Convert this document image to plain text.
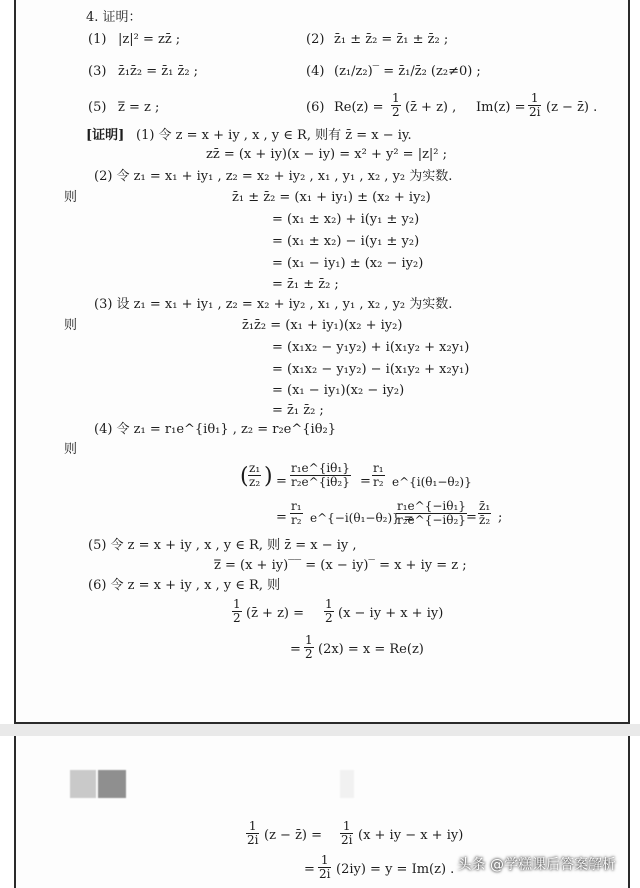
4. 证明：
(1) |z|² = zz̄ ;	(2) z̄₁ ± z̄₂ = z̄₁ ± z̄₂ ;
(3) z̄₁z̄₂ = z̄₁ z̄₂ ;	(4) (z₁/z₂)‾ = z̄₁/z̄₂ (z₂≠0) ;
(5) z̿ = z ;	(6) $Re(z) = \frac{1}{2}$ (z̄ + z) , $Im(z) = \frac{1}{2i} (z$ − z̄) .
[证明] (1) 令 z = x + iy , x , y ∈ R, 则有 z̄ = x − iy.
zz̄ = (x + iy)(x − iy) = x² + y² = |z|² ;
(2) 令 z₁ = x₁ + iy₁ , z₂ = x₂ + iy₂ , x₁ , y₁ , x₂ , y₂ 为实数.
则	z̄₁ ± z̄₂ = (x₁ + iy₁) ± (x₂ + iy₂)
= (x₁ ± x₂) + i(y₁ ± y₂)
= (x₁ ± x₂) − i(y₁ ± y₂)
= (x₁ − iy₁) ± (x₂ − iy₂)
= z̄₁ ± z̄₂ ;
(3) 设 z₁ = x₁ + iy₁ , z₂ = x₂ + iy₂ , x₁ , y₁ , x₂ , y₂ 为实数.
则	z̄₁z̄₂ = (x₁ + iy₁)(x₂ + iy₂)
= (x₁x₂ − y₁y₂) + i(x₁y₂ + x₂y₁)
= (x₁x₂ − y₁y₂) − i(x₁y₂ + x₂y₁)
= (x₁ − iy₁)(x₂ − iy₂)
= z̄₁ z̄₂ ;
(4) 令 z₁ = r₁e^{iθ₁} , z₂ = r₂e^{iθ₂}
则
( $\frac{\text{z₁}}{\text{z₂}}$ ) = $\frac{\text{r₁e\textasciicircum{}\{iθ₁\}}}{\text{r₂e\textasciicircum{}\{iθ₂\}}} = \frac{\text{r₁}}{\text{r₂}}$ e^{i(θ₁−θ₂)}
= $\frac{\text{r₁}}{\text{r₂}}$ e^{−i(θ₁−θ₂)} =
$\frac{\text{r₁e\textasciicircum{}\{−iθ₁\}}}{\text{r₂e\textasciicircum{}\{−iθ₂\}}} = \frac{\text{z̄₁}}{\text{z̄₂}}$ ;
(5) 令 z = x + iy , x , y ∈ R, 则 z̄ = x − iy ,
z̿ = (x + iy)‾‾ = (x − iy)‾ = x + iy = z ;
(6) 令 z = x + iy , x , y ∈ R, 则
$\frac{1}{2}$ (z̄ + $z) = \frac{1}{2} (x$ − iy + x + iy)
= $\frac{1}{2} (2x) = x = Re(z)$
$\frac{1}{2i} (z$ − z̄) = $\frac{1}{2i} (x$ + iy − x + iy)
= $\frac{1}{2i} (2iy) = y = Im(z)$ . 头条 @学糕课后答案解析
